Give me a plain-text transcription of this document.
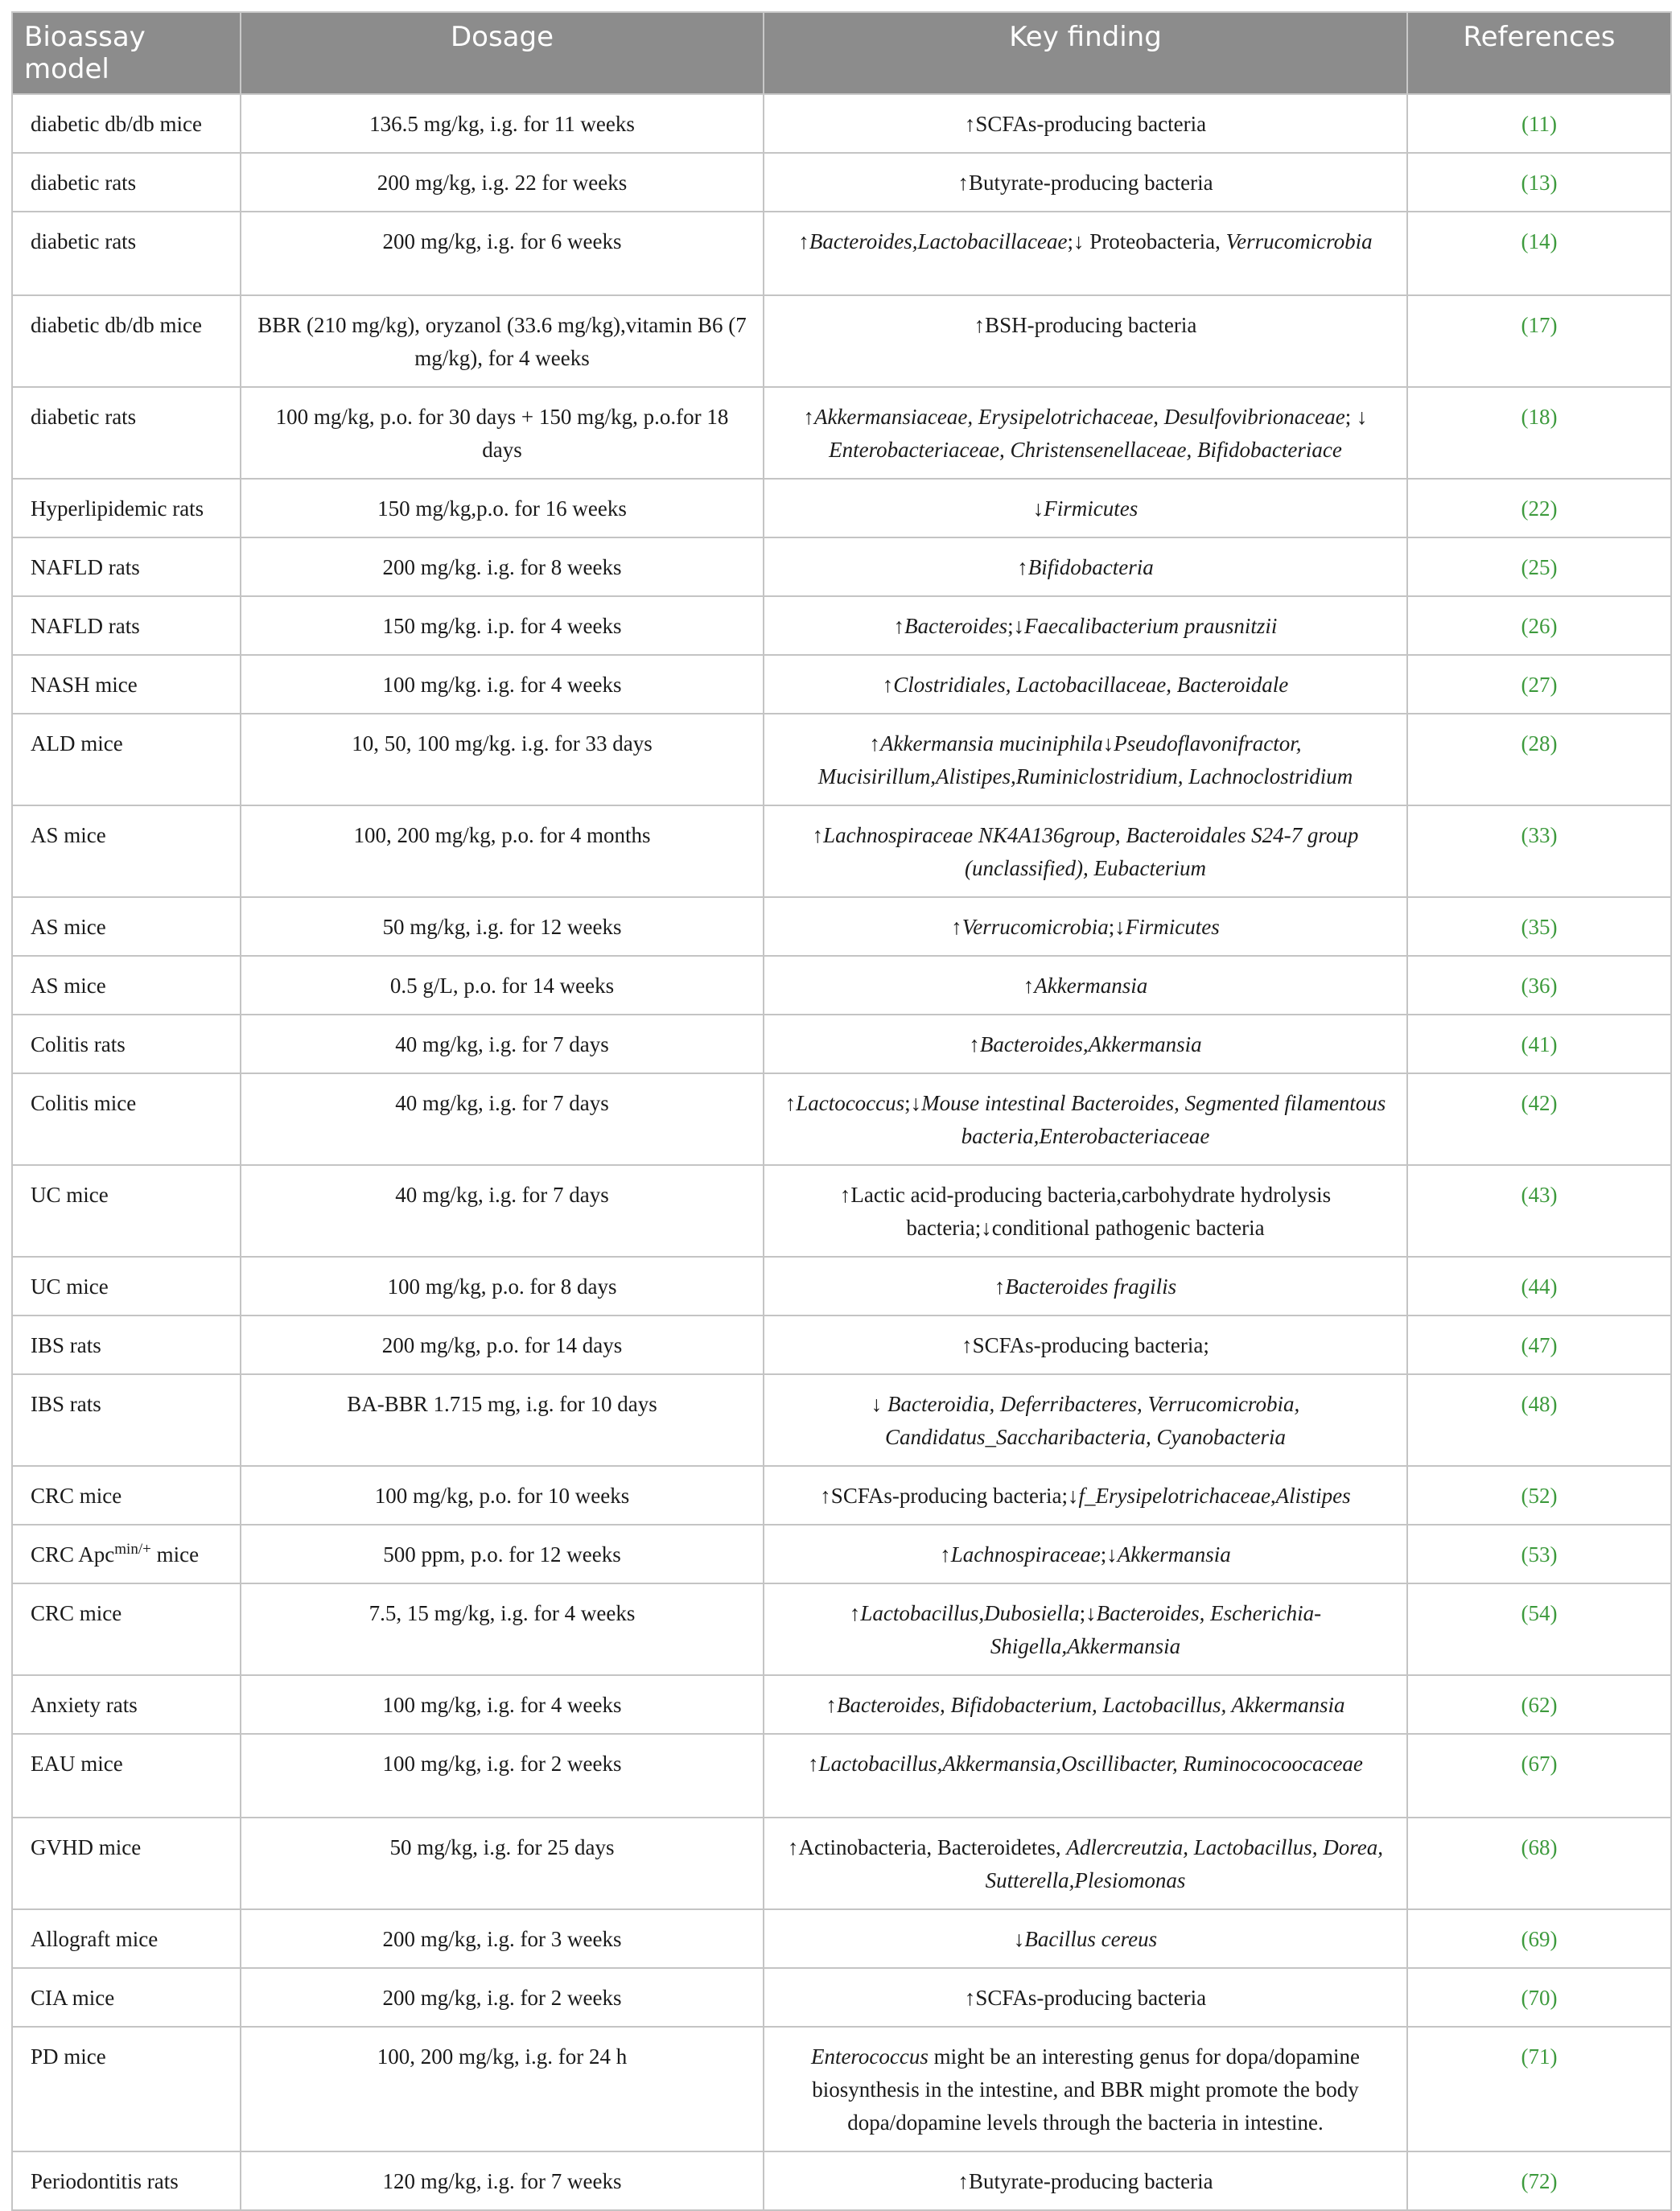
Bioassay model	Dosage	Key finding	References
diabetic db/db mice	136.5 mg/kg, i.g. for 11 weeks	↑SCFAs-producing bacteria	(11)
diabetic rats	200 mg/kg, i.g. 22 for weeks	↑Butyrate-producing bacteria	(13)
diabetic rats	200 mg/kg, i.g. for 6 weeks	↑Bacteroides,Lactobacillaceae;↓ Proteobacteria, Verrucomicrobia	(14)
diabetic db/db mice	BBR (210 mg/kg), oryzanol (33.6 mg/kg),vitamin B6 (7 mg/kg), for 4 weeks	↑BSH-producing bacteria	(17)
diabetic rats	100 mg/kg, p.o. for 30 days + 150 mg/kg, p.o.for 18 days	↑Akkermansiaceae, Erysipelotrichaceae, Desulfovibrionaceae; ↓ Enterobacteriaceae, Christensenellaceae, Bifidobacteriace	(18)
Hyperlipidemic rats	150 mg/kg,p.o. for 16 weeks	↓Firmicutes	(22)
NAFLD rats	200 mg/kg. i.g. for 8 weeks	↑Bifidobacteria	(25)
NAFLD rats	150 mg/kg. i.p. for 4 weeks	↑Bacteroides;↓Faecalibacterium prausnitzii	(26)
NASH mice	100 mg/kg. i.g. for 4 weeks	↑Clostridiales, Lactobacillaceae, Bacteroidale	(27)
ALD mice	10, 50, 100 mg/kg. i.g. for 33 days	↑Akkermansia muciniphila↓Pseudoflavonifractor, Mucisirillum,Alistipes,Ruminiclostridium, Lachnoclostridium	(28)
AS mice	100, 200 mg/kg, p.o. for 4 months	↑Lachnospiraceae NK4A136group, Bacteroidales S24-7 group (unclassified), Eubacterium	(33)
AS mice	50 mg/kg, i.g. for 12 weeks	↑Verrucomicrobia;↓Firmicutes	(35)
AS mice	0.5 g/L, p.o. for 14 weeks	↑Akkermansia	(36)
Colitis rats	40 mg/kg, i.g. for 7 days	↑Bacteroides,Akkermansia	(41)
Colitis mice	40 mg/kg, i.g. for 7 days	↑Lactococcus;↓Mouse intestinal Bacteroides, Segmented filamentous bacteria,Enterobacteriaceae	(42)
UC mice	40 mg/kg, i.g. for 7 days	↑Lactic acid-producing bacteria,carbohydrate hydrolysis bacteria;↓conditional pathogenic bacteria	(43)
UC mice	100 mg/kg, p.o. for 8 days	↑Bacteroides fragilis	(44)
IBS rats	200 mg/kg, p.o. for 14 days	↑SCFAs-producing bacteria;	(47)
IBS rats	BA-BBR 1.715 mg, i.g. for 10 days	↓ Bacteroidia, Deferribacteres, Verrucomicrobia, Candidatus_Saccharibacteria, Cyanobacteria	(48)
CRC mice	100 mg/kg, p.o. for 10 weeks	↑SCFAs-producing bacteria;↓f_Erysipelotrichaceae,Alistipes	(52)
CRC Apc$^{min/+}$ mice	500 ppm, p.o. for 12 weeks	↑Lachnospiraceae;↓Akkermansia	(53)
CRC mice	7.5, 15 mg/kg, i.g. for 4 weeks	↑Lactobacillus,Dubosiella;↓Bacteroides, Escherichia-Shigella,Akkermansia	(54)
Anxiety rats	100 mg/kg, i.g. for 4 weeks	↑Bacteroides, Bifidobacterium, Lactobacillus, Akkermansia	(62)
EAU mice	100 mg/kg, i.g. for 2 weeks	↑Lactobacillus,Akkermansia,Oscillibacter, Ruminococoocaceae	(67)
GVHD mice	50 mg/kg, i.g. for 25 days	↑Actinobacteria, Bacteroidetes, Adlercreutzia, Lactobacillus, Dorea, Sutterella,Plesiomonas	(68)
Allograft mice	200 mg/kg, i.g. for 3 weeks	↓Bacillus cereus	(69)
CIA mice	200 mg/kg, i.g. for 2 weeks	↑SCFAs-producing bacteria	(70)
PD mice	100, 200 mg/kg, i.g. for 24 h	Enterococcus might be an interesting genus for dopa/dopamine biosynthesis in the intestine, and BBR might promote the body dopa/dopamine levels through the bacteria in intestine.	(71)
Periodontitis rats	120 mg/kg, i.g. for 7 weeks	↑Butyrate-producing bacteria	(72)
